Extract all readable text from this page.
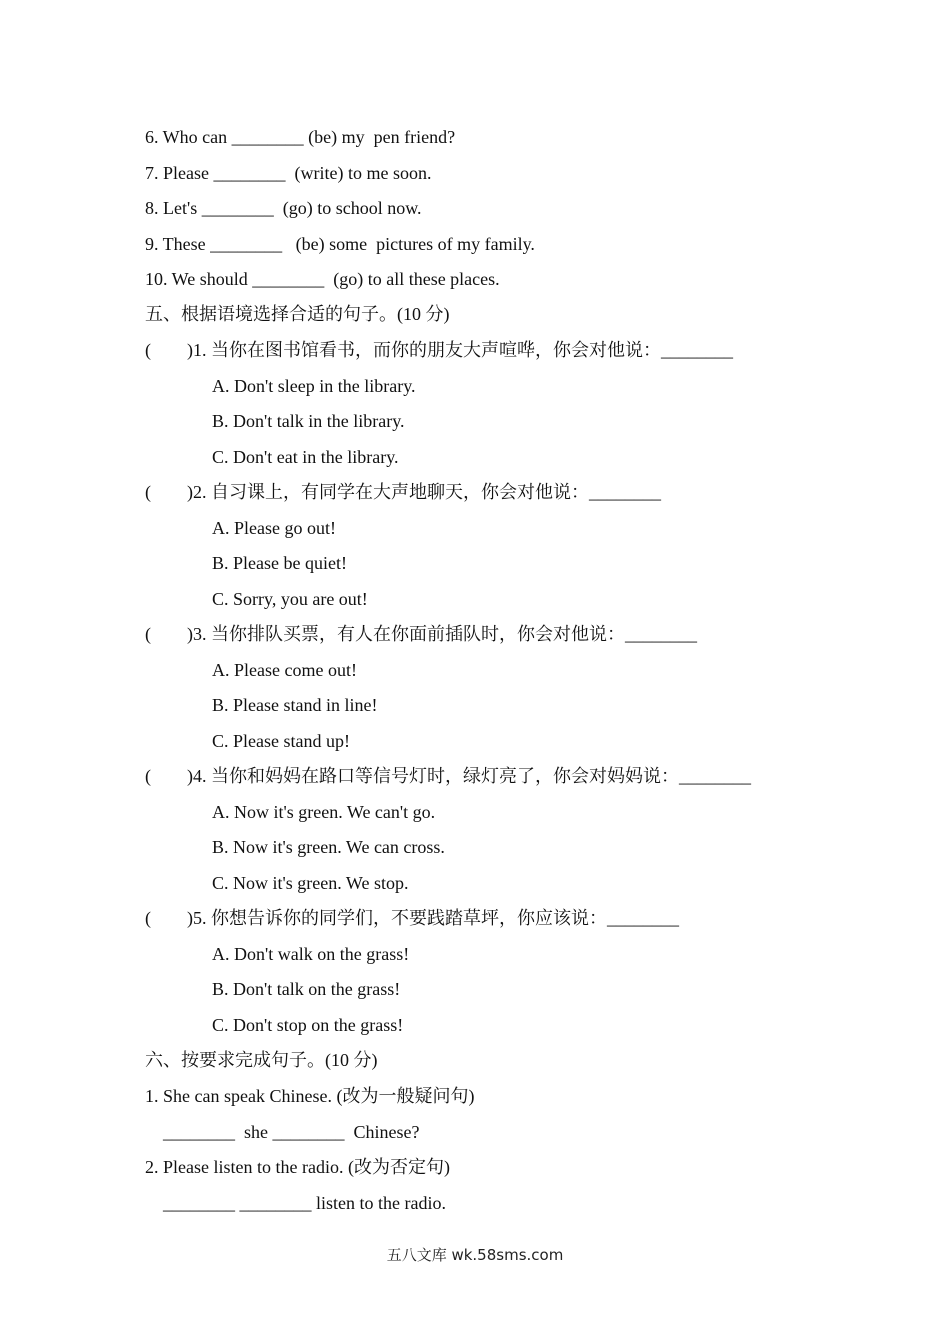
6. Who can ________ (be) my  pen friend?
7. Please ________  (write) to me soon.
8. Let's ________  (go) to school now.
9. These ________   (be) some  pictures of my family.
10. We should ________  (go) to all these places.
五、根据语境选择合适的句子。(10 分)
(        )1. 当你在图书馆看书，而你的朋友大声喧哗，你会对他说：________
A. Don't sleep in the library.
B. Don't talk in the library.
C. Don't eat in the library.
(        )2. 自习课上，有同学在大声地聊天，你会对他说：________
A. Please go out!
B. Please be quiet!
C. Sorry, you are out!
(        )3. 当你排队买票，有人在你面前插队时，你会对他说：________
A. Please come out!
B. Please stand in line!
C. Please stand up!
(        )4. 当你和妈妈在路口等信号灯时，绿灯亮了，你会对妈妈说：________
A. Now it's green. We can't go.
B. Now it's green. We can cross.
C. Now it's green. We stop.
(        )5. 你想告诉你的同学们，不要践踏草坪，你应该说：________
A. Don't walk on the grass!
B. Don't talk on the grass!
C. Don't stop on the grass!
六、按要求完成句子。(10 分)
1. She can speak Chinese. (改为一般疑问句)
________  she ________  Chinese?
2. Please listen to the radio. (改为否定句)
________ ________ listen to the radio.
五八文库 wk.58sms.com
